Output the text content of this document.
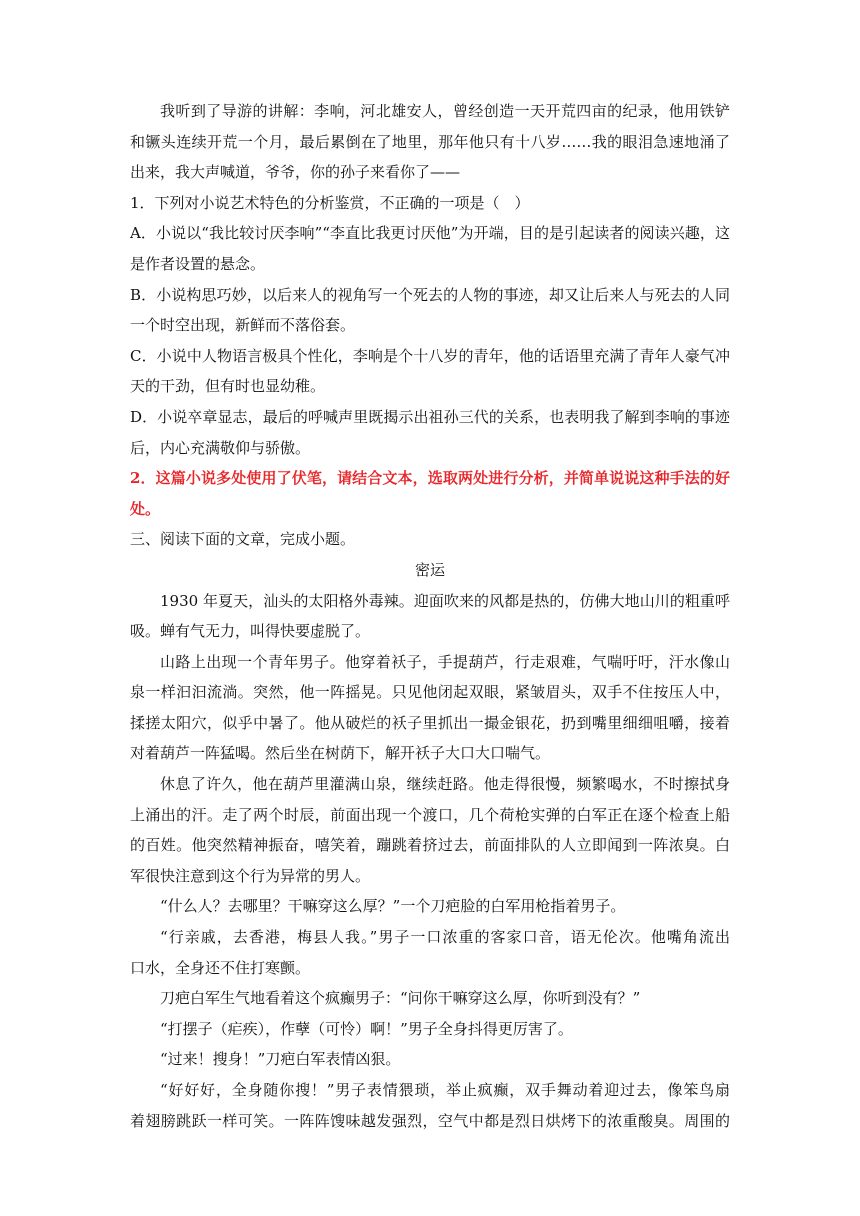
我听到了导游的讲解：李响，河北雄安人，曾经创造一天开荒四亩的纪录，他用铁铲
和镢头连续开荒一个月，最后累倒在了地里，那年他只有十八岁……我的眼泪急速地涌了
出来，我大声喊道，爷爷，你的孙子来看你了——
1．下列对小说艺术特色的分析鉴赏，不正确的一项是（　）
A．小说以“我比较讨厌李响”“李直比我更讨厌他”为开端，目的是引起读者的阅读兴趣，这
是作者设置的悬念。
B．小说构思巧妙，以后来人的视角写一个死去的人物的事迹，却又让后来人与死去的人同
一个时空出现，新鲜而不落俗套。
C．小说中人物语言极具个性化，李响是个十八岁的青年，他的话语里充满了青年人豪气冲
天的干劲，但有时也显幼稚。
D．小说卒章显志，最后的呼喊声里既揭示出祖孙三代的关系，也表明我了解到李响的事迹
后，内心充满敬仰与骄傲。
2．这篇小说多处使用了伏笔，请结合文本，选取两处进行分析，并简单说说这种手法的好
处。
三、阅读下面的文章，完成小题。
密运
1930 年夏天，汕头的太阳格外毒辣。迎面吹来的风都是热的，仿佛大地山川的粗重呼
吸。蝉有气无力，叫得快要虚脱了。
山路上出现一个青年男子。他穿着袄子，手提葫芦，行走艰难，气喘吁吁，汗水像山
泉一样汩汩流淌。突然，他一阵摇晃。只见他闭起双眼，紧皱眉头，双手不住按压人中，
揉搓太阳穴，似乎中暑了。他从破烂的袄子里抓出一撮金银花，扔到嘴里细细咀嚼，接着
对着葫芦一阵猛喝。然后坐在树荫下，解开袄子大口大口喘气。
休息了许久，他在葫芦里灌满山泉，继续赶路。他走得很慢，频繁喝水，不时擦拭身
上涌出的汗。走了两个时辰，前面出现一个渡口，几个荷枪实弹的白军正在逐个检查上船
的百姓。他突然精神振奋，嘻笑着，蹦跳着挤过去，前面排队的人立即闻到一阵浓臭。白
军很快注意到这个行为异常的男人。
“什么人？去哪里？干嘛穿这么厚？”一个刀疤脸的白军用枪指着男子。
“行亲戚，去香港，梅县人我。”男子一口浓重的客家口音，语无伦次。他嘴角流出
口水，全身还不住打寒颤。
刀疤白军生气地看着这个疯癫男子：“问你干嘛穿这么厚，你听到没有？”
“打摆子（疟疾），作孽（可怜）啊！”男子全身抖得更厉害了。
“过来！搜身！”刀疤白军表情凶狠。
“好好好，全身随你搜！”男子表情猥琐，举止疯癫，双手舞动着迎过去，像笨鸟扇
着翅膀跳跃一样可笑。一阵阵馊味越发强烈，空气中都是烈日烘烤下的浓重酸臭。周围的
